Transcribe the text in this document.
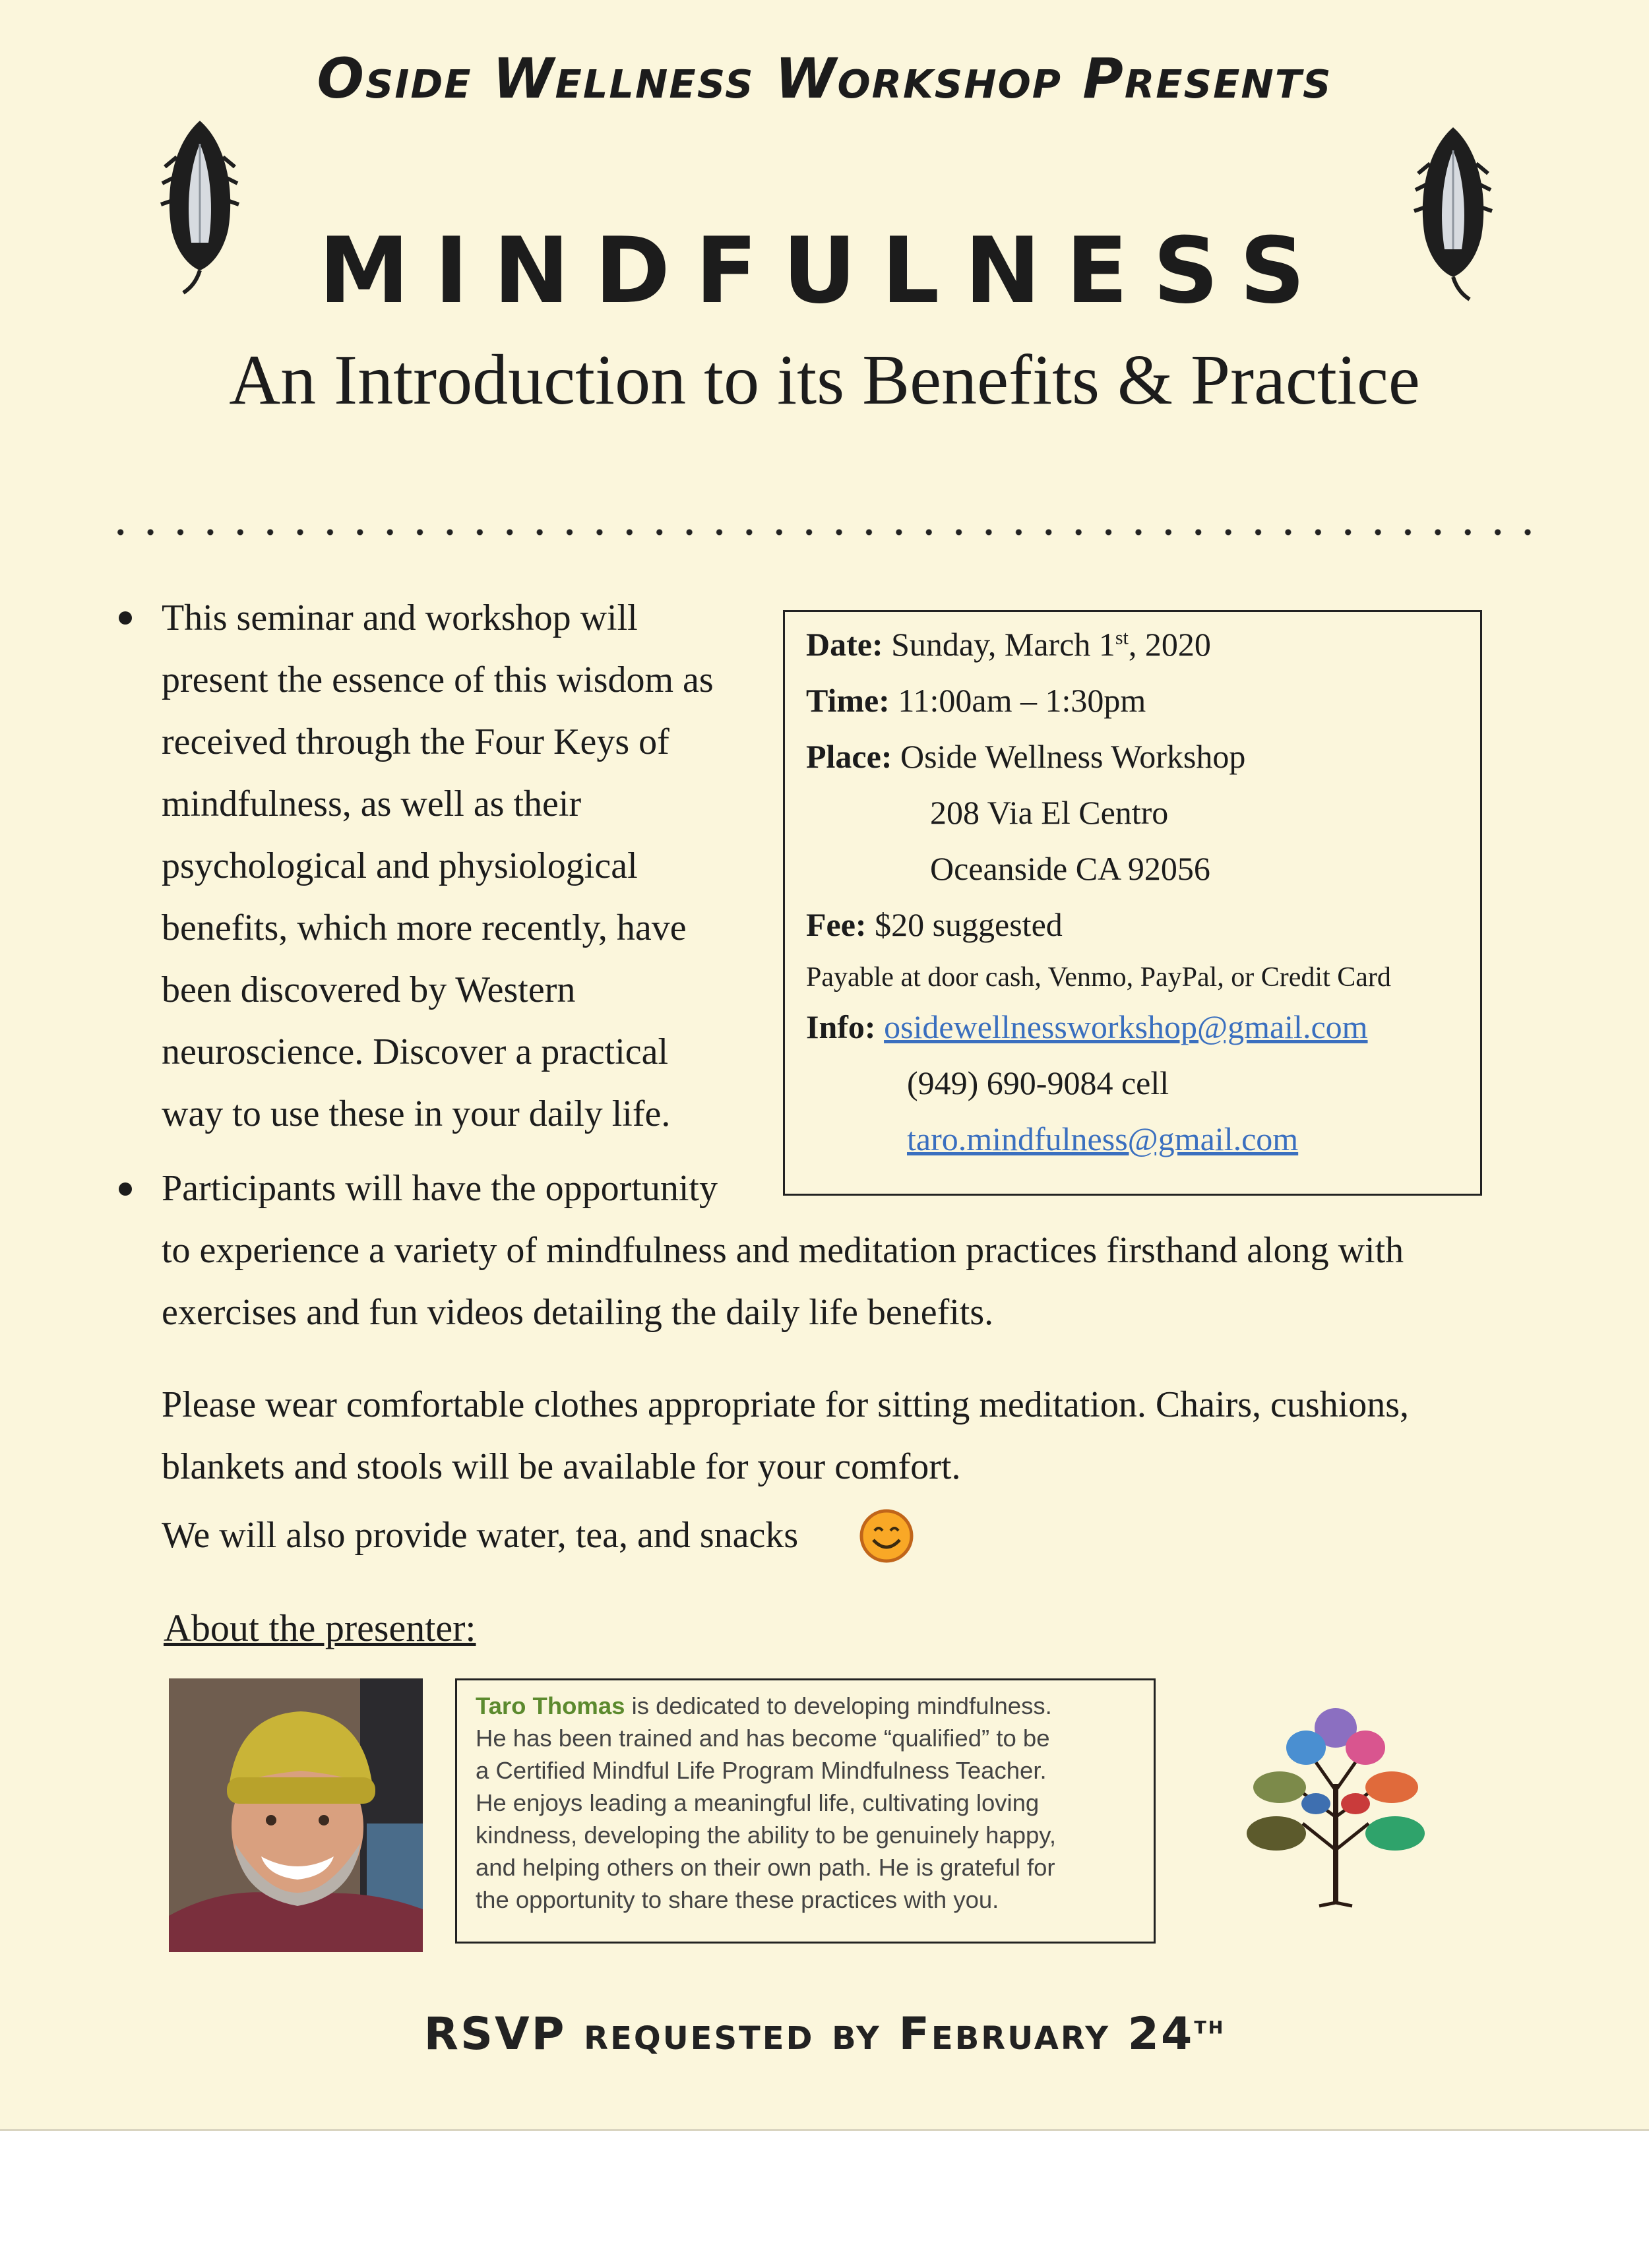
Oside Wellness Workshop Presents
MINDFULNESS
An Introduction to its Benefits & Practice
This seminar and workshop will
present the essence of this wisdom as
received through the Four Keys of
mindfulness, as well as their
psychological and physiological
benefits, which more recently, have
been discovered by Western
neuroscience. Discover a practical
way to use these in your daily life.
Participants will have the opportunity
to experience a variety of mindfulness and meditation practices firsthand along with
exercises and fun videos detailing the daily life benefits.
Date: Sunday, March 1st, 2020
Time: 11:00am – 1:30pm
Place: Oside Wellness Workshop
208 Via El Centro
Oceanside CA 92056
Fee: $20 suggested
Payable at door cash, Venmo, PayPal, or Credit Card
Info: osidewellnessworkshop@gmail.com
(949) 690-9084 cell
taro.mindfulness@gmail.com
Please wear comfortable clothes appropriate for sitting meditation. Chairs, cushions,
blankets and stools will be available for your comfort.
We will also provide water, tea, and snacks
About the presenter:
Taro Thomas is dedicated to developing mindfulness.
He has been trained and has become “qualified” to be
a Certified Mindful Life Program Mindfulness Teacher.
He enjoys leading a meaningful life, cultivating loving
kindness, developing the ability to be genuinely happy,
and helping others on their own path. He is grateful for
the opportunity to share these practices with you.
RSVP requested by February 24th
